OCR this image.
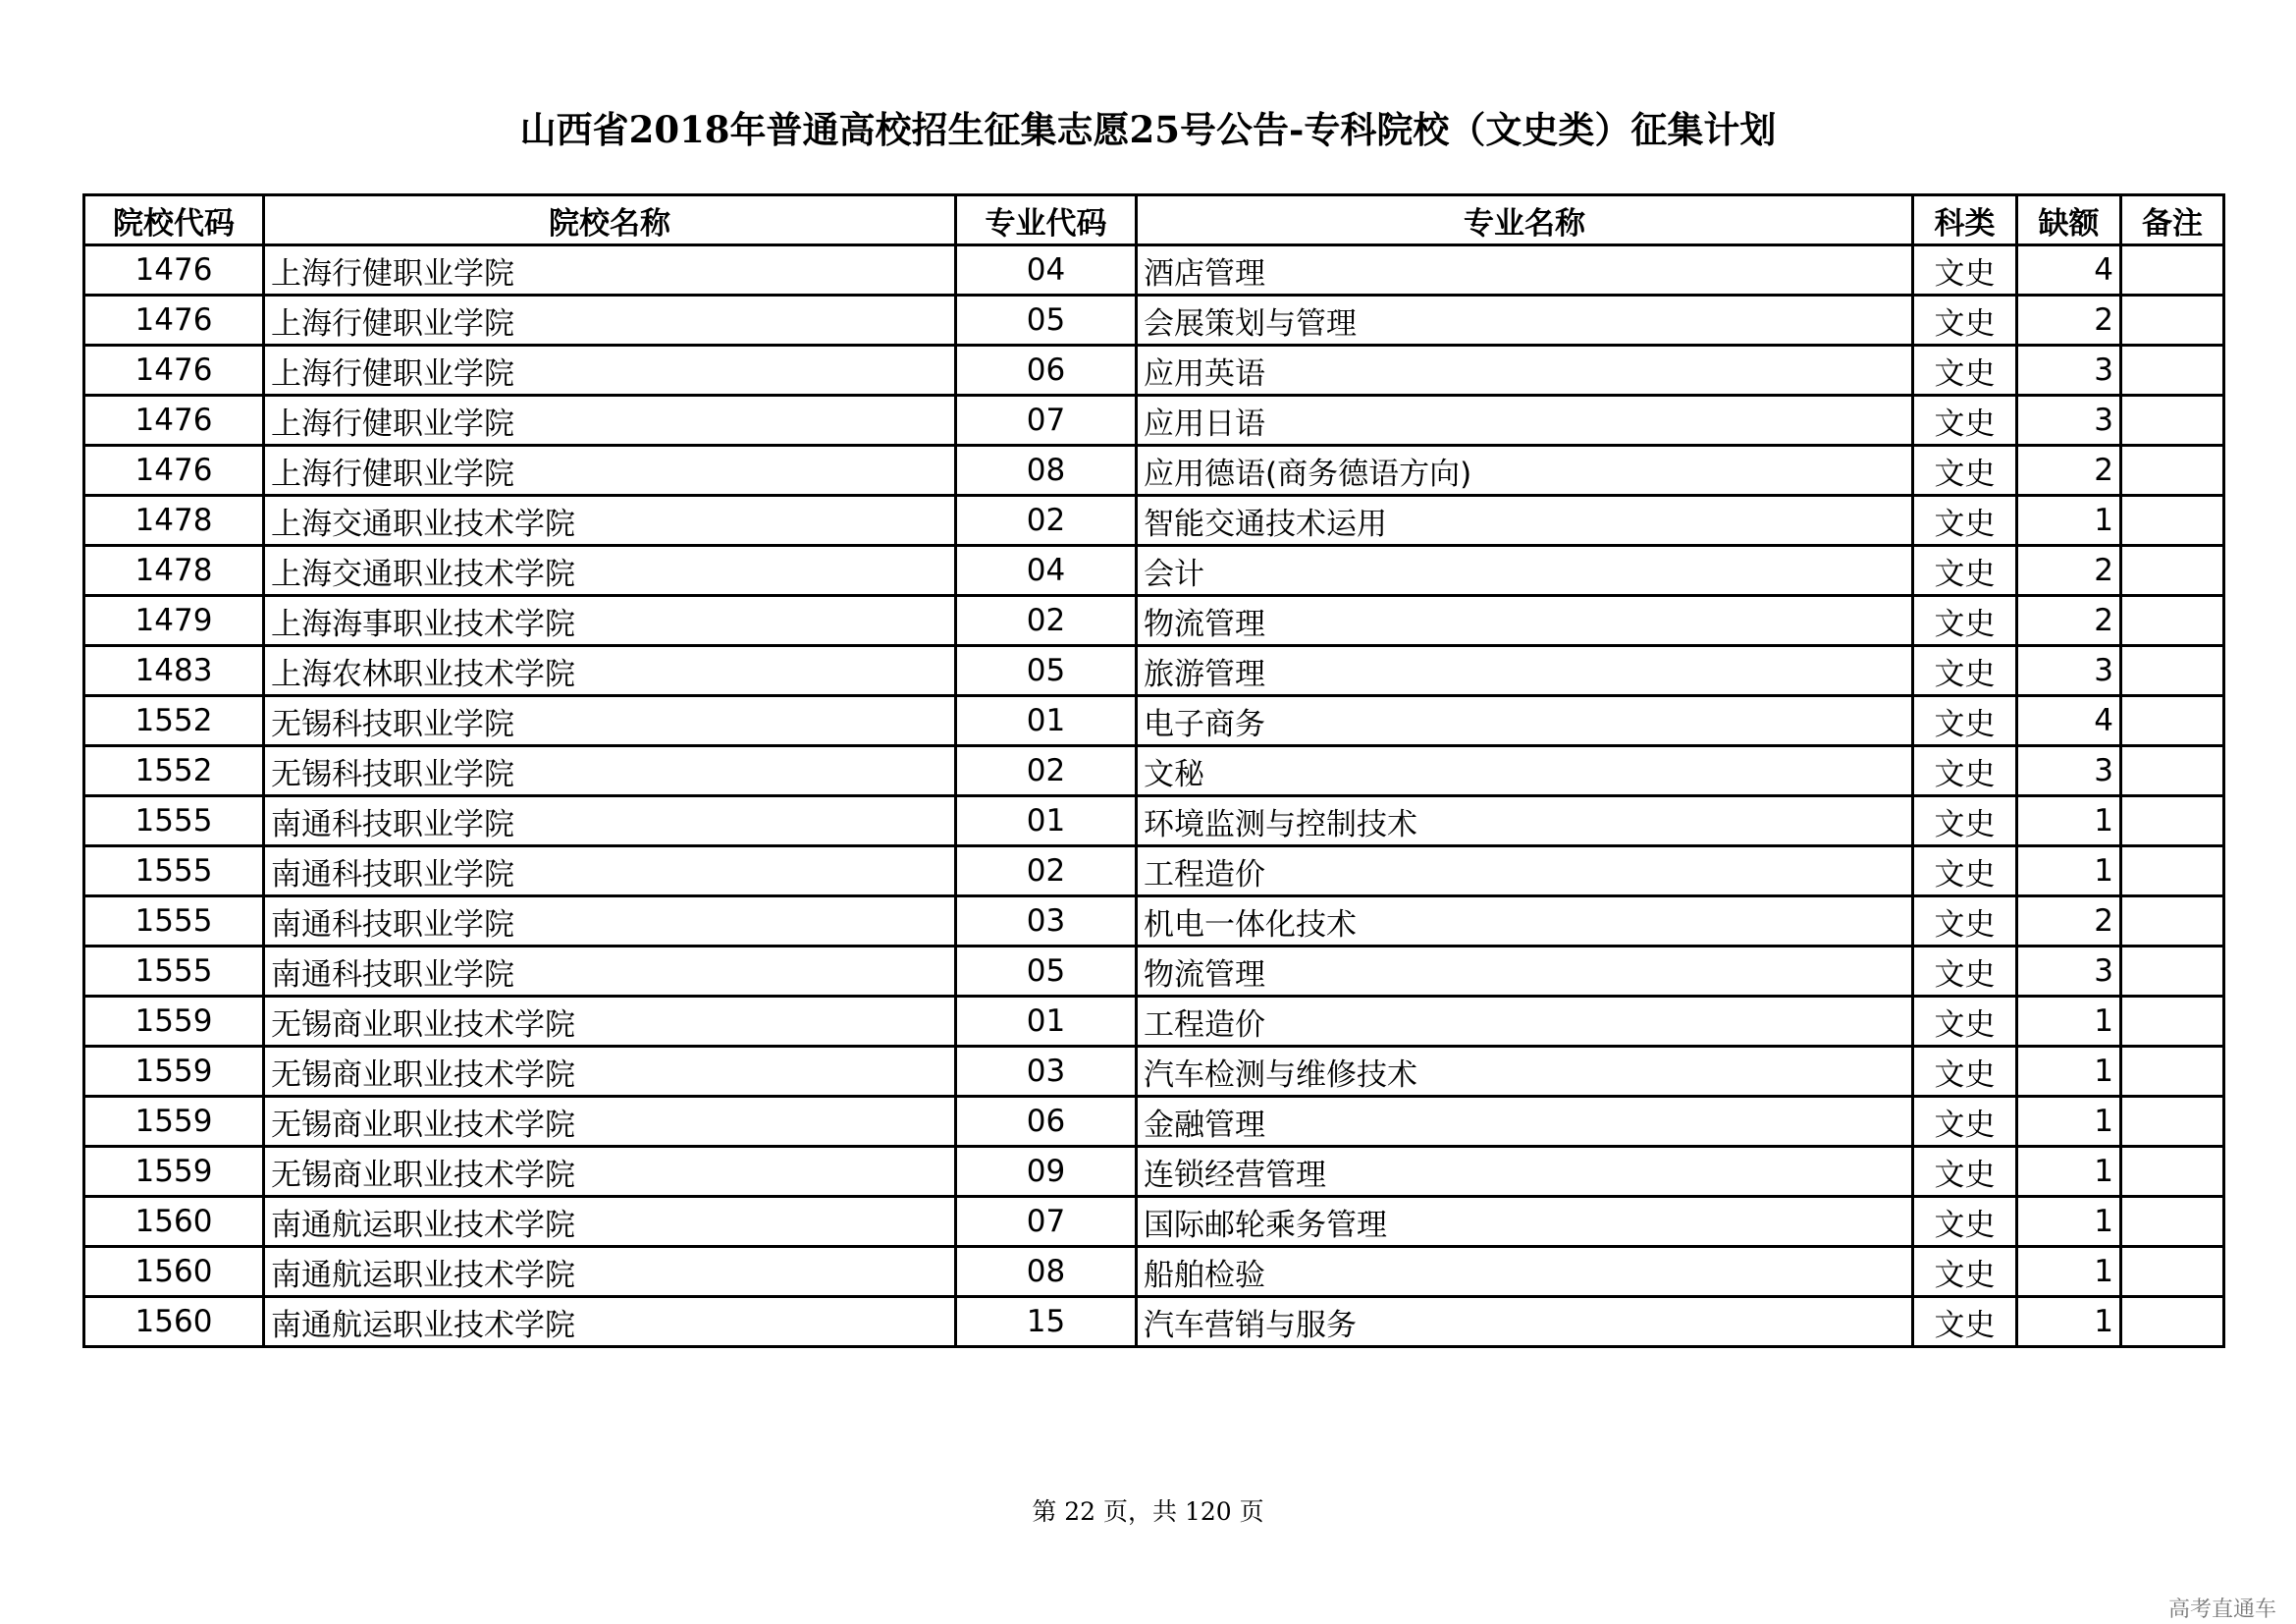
山西省2018年普通高校招生征集志愿25号公告-专科院校（文史类）征集计划
院校代码	院校名称	专业代码	专业名称	科类	缺额	备注
1476	上海行健职业学院	04	酒店管理	文史	4	
1476	上海行健职业学院	05	会展策划与管理	文史	2	
1476	上海行健职业学院	06	应用英语	文史	3	
1476	上海行健职业学院	07	应用日语	文史	3	
1476	上海行健职业学院	08	应用德语(商务德语方向)	文史	2	
1478	上海交通职业技术学院	02	智能交通技术运用	文史	1	
1478	上海交通职业技术学院	04	会计	文史	2	
1479	上海海事职业技术学院	02	物流管理	文史	2	
1483	上海农林职业技术学院	05	旅游管理	文史	3	
1552	无锡科技职业学院	01	电子商务	文史	4	
1552	无锡科技职业学院	02	文秘	文史	3	
1555	南通科技职业学院	01	环境监测与控制技术	文史	1	
1555	南通科技职业学院	02	工程造价	文史	1	
1555	南通科技职业学院	03	机电一体化技术	文史	2	
1555	南通科技职业学院	05	物流管理	文史	3	
1559	无锡商业职业技术学院	01	工程造价	文史	1	
1559	无锡商业职业技术学院	03	汽车检测与维修技术	文史	1	
1559	无锡商业职业技术学院	06	金融管理	文史	1	
1559	无锡商业职业技术学院	09	连锁经营管理	文史	1	
1560	南通航运职业技术学院	07	国际邮轮乘务管理	文史	1	
1560	南通航运职业技术学院	08	船舶检验	文史	1	
1560	南通航运职业技术学院	15	汽车营销与服务	文史	1	
第 22 页，共 120 页
高考直通车
